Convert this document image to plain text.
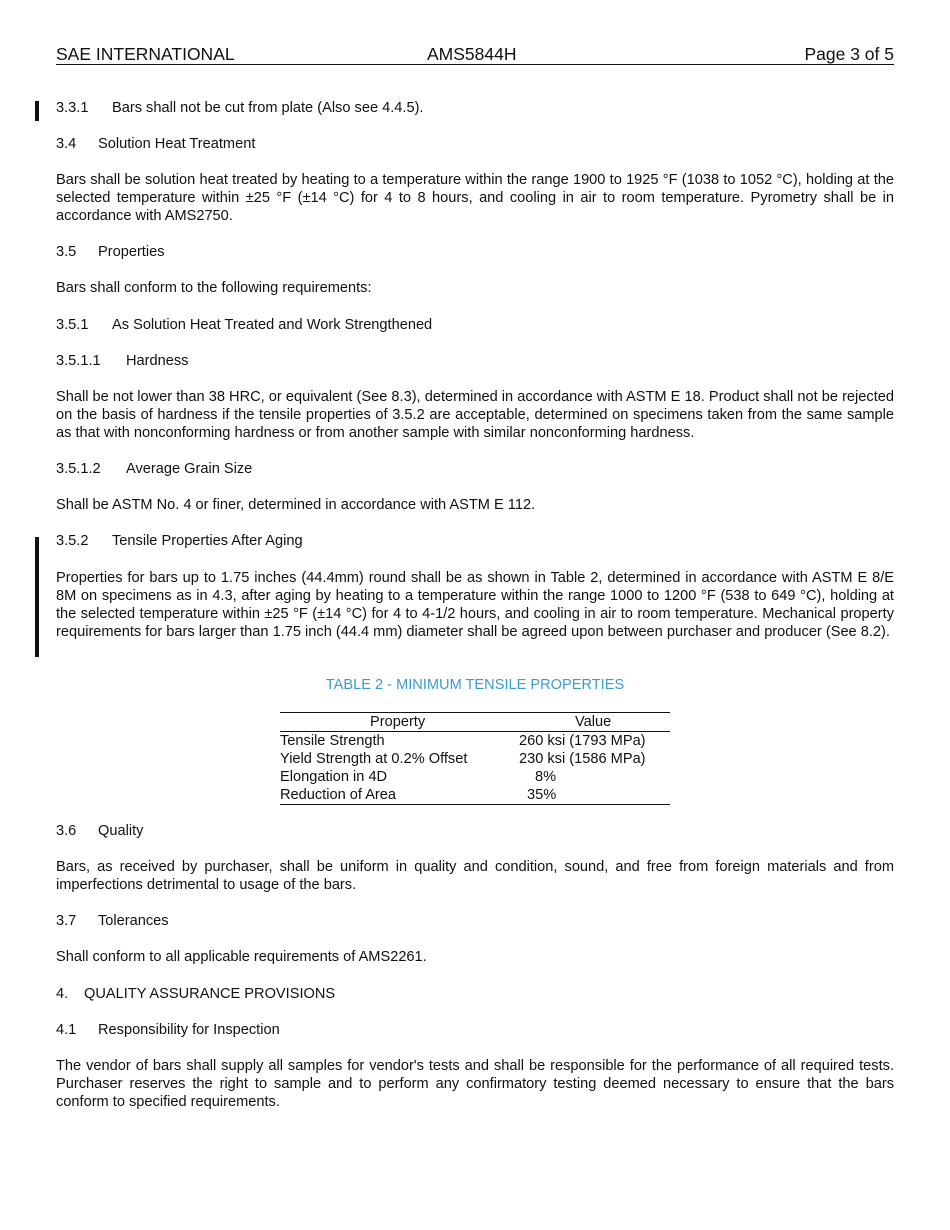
SAE INTERNATIONAL	AMS5844H	Page 3 of 5

3.3.1 Bars shall not be cut from plate (Also see 4.4.5).

3.4 Solution Heat Treatment

Bars shall be solution heat treated by heating to a temperature within the range 1900 to 1925 °F (1038 to 1052 °C), holding at the selected temperature within ±25 °F (±14 °C) for 4 to 8 hours, and cooling in air to room temperature. Pyrometry shall be in accordance with AMS2750.

3.5 Properties

Bars shall conform to the following requirements:

3.5.1 As Solution Heat Treated and Work Strengthened

3.5.1.1 Hardness

Shall be not lower than 38 HRC, or equivalent (See 8.3), determined in accordance with ASTM E 18. Product shall not be rejected on the basis of hardness if the tensile properties of 3.5.2 are acceptable, determined on specimens taken from the same sample as that with nonconforming hardness or from another sample with similar nonconforming hardness.

3.5.1.2 Average Grain Size

Shall be ASTM No. 4 or finer, determined in accordance with ASTM E 112.

3.5.2 Tensile Properties After Aging

Properties for bars up to 1.75 inches (44.4mm) round shall be as shown in Table 2, determined in accordance with ASTM E 8/E 8M on specimens as in 4.3, after aging by heating to a temperature within the range 1000 to 1200 °F (538 to 649 °C), holding at the selected temperature within ±25 °F (±14 °C) for 4 to 4-1/2 hours, and cooling in air to room temperature. Mechanical property requirements for bars larger than 1.75 inch (44.4 mm) diameter shall be agreed upon between purchaser and producer (See 8.2).

TABLE 2 - MINIMUM TENSILE PROPERTIES
Property	Value
Tensile Strength	260 ksi (1793 MPa)
Yield Strength at 0.2% Offset	230 ksi (1586 MPa)
Elongation in 4D	8%
Reduction of Area	35%

3.6 Quality

Bars, as received by purchaser, shall be uniform in quality and condition, sound, and free from foreign materials and from imperfections detrimental to usage of the bars.

3.7 Tolerances

Shall conform to all applicable requirements of AMS2261.

4. QUALITY ASSURANCE PROVISIONS

4.1 Responsibility for Inspection

The vendor of bars shall supply all samples for vendor's tests and shall be responsible for the performance of all required tests. Purchaser reserves the right to sample and to perform any confirmatory testing deemed necessary to ensure that the bars conform to specified requirements.
